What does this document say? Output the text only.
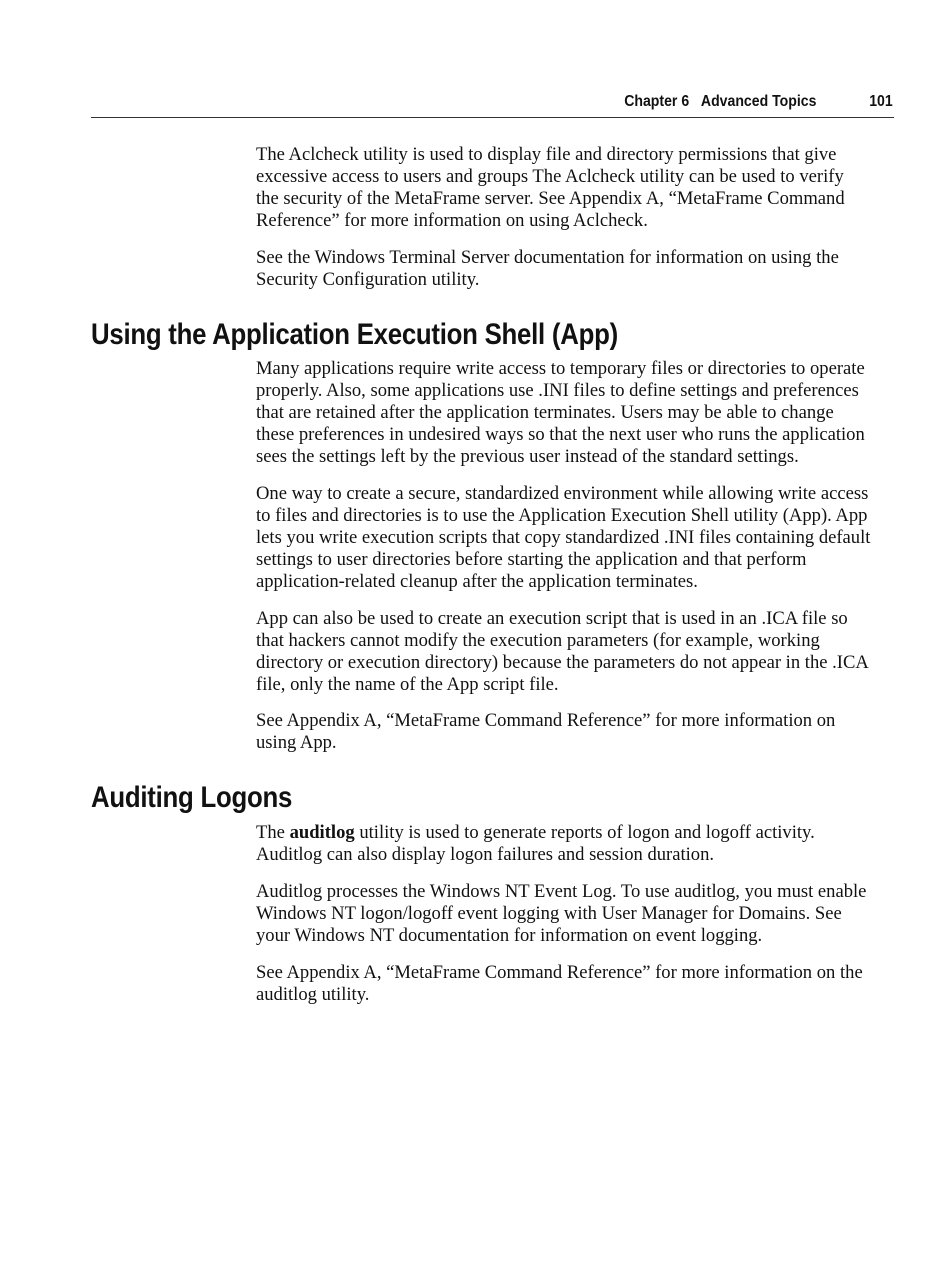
Chapter 6 Advanced Topics	101
The Aclcheck utility is used to display file and directory permissions that give
excessive access to users and groups The Aclcheck utility can be used to verify
the security of the MetaFrame server. See Appendix A, “MetaFrame Command
Reference” for more information on using Aclcheck.
See the Windows Terminal Server documentation for information on using the
Security Configuration utility.
Using the Application Execution Shell (App)
Many applications require write access to temporary files or directories to operate
properly. Also, some applications use .INI files to define settings and preferences
that are retained after the application terminates. Users may be able to change
these preferences in undesired ways so that the next user who runs the application
sees the settings left by the previous user instead of the standard settings.
One way to create a secure, standardized environment while allowing write access
to files and directories is to use the Application Execution Shell utility (App). App
lets you write execution scripts that copy standardized .INI files containing default
settings to user directories before starting the application and that perform
application-related cleanup after the application terminates.
App can also be used to create an execution script that is used in an .ICA file so
that hackers cannot modify the execution parameters (for example, working
directory or execution directory) because the parameters do not appear in the .ICA
file, only the name of the App script file.
See Appendix A, “MetaFrame Command Reference” for more information on
using App.
Auditing Logons
The auditlog utility is used to generate reports of logon and logoff activity.
Auditlog can also display logon failures and session duration.
Auditlog processes the Windows NT Event Log. To use auditlog, you must enable
Windows NT logon/logoff event logging with User Manager for Domains. See
your Windows NT documentation for information on event logging.
See Appendix A, “MetaFrame Command Reference” for more information on the
auditlog utility.
